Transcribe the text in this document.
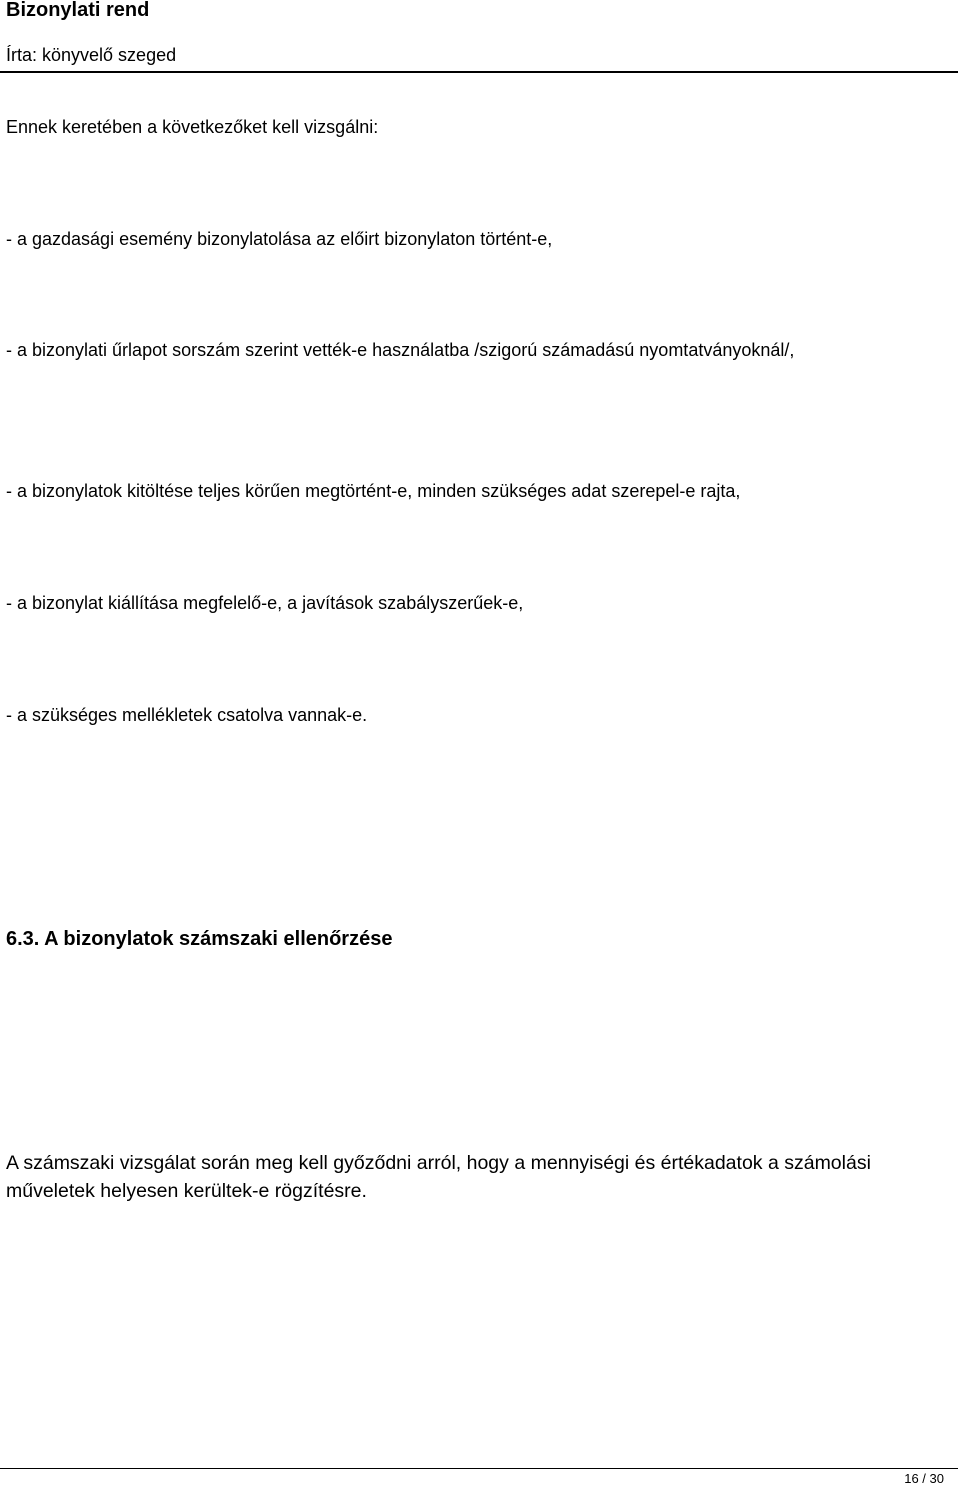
Bizonylati rend
Írta: könyvelő szeged
Ennek keretében a következőket kell vizsgálni:
- a gazdasági esemény bizonylatolása az előirt bizonylaton történt-e,
- a bizonylati űrlapot sorszám szerint vették-e használatba /szigorú számadású nyomtatványoknál/,
- a bizonylatok kitöltése teljes körűen megtörtént-e, minden szükséges adat szerepel-e rajta,
- a bizonylat kiállítása megfelelő-e, a javítások szabályszerűek-e,
- a szükséges mellékletek csatolva vannak-e.
6.3. A bizonylatok számszaki ellenőrzése
A számszaki vizsgálat során meg kell győződni arról, hogy a mennyiségi és értékadatok a számolási műveletek helyesen kerültek-e rögzítésre.
16 / 30
